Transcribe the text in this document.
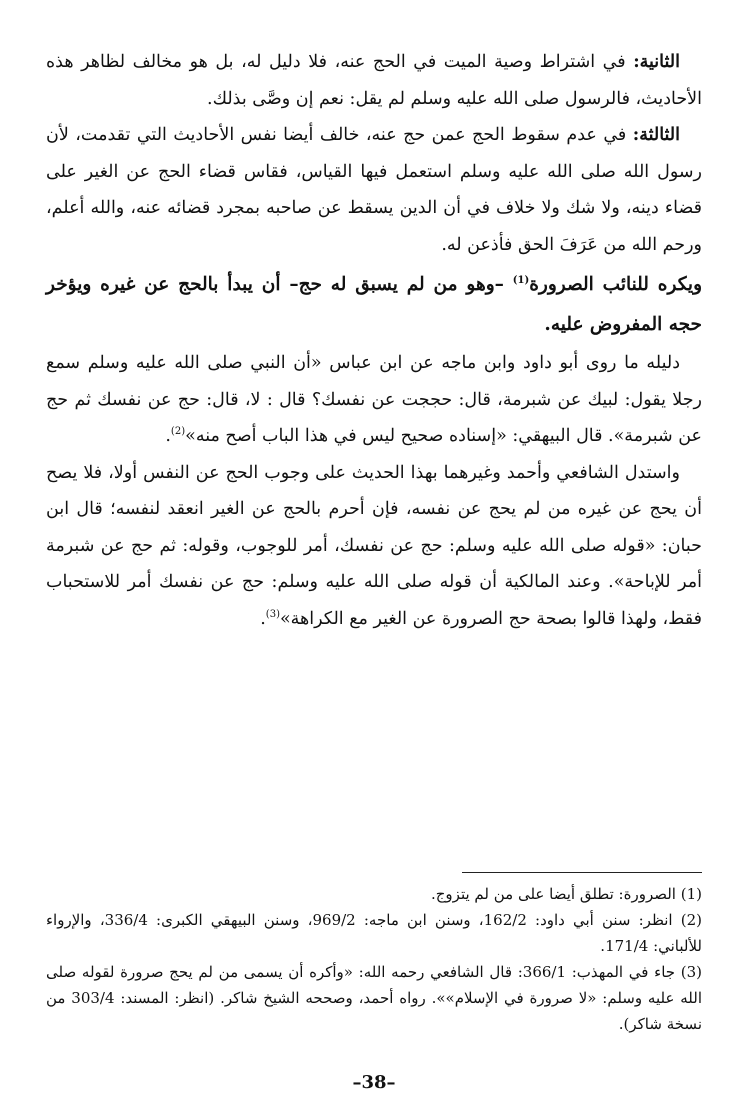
الثانية: في اشتراط وصية الميت في الحج عنه، فلا دليل له، بل هو مخالف لظاهر هذه الأحاديث، فالرسول صلى الله عليه وسلم لم يقل: نعم إن وصَّى بذلك.

الثالثة: في عدم سقوط الحج عمن حج عنه، خالف أيضا نفس الأحاديث التي تقدمت، لأن رسول الله صلى الله عليه وسلم استعمل فيها القياس، فقاس قضاء الحج عن الغير على قضاء دينه، ولا شك ولا خلاف في أن الدين يسقط عن صاحبه بمجرد قضائه عنه، والله أعلم، ورحم الله من عَرَفَ الحق فأذعن له.

ويكره للنائب الصرورة$^{(1)}$ –وهو من لم يسبق له حج– أن يبدأ بالحج عن غيره ويؤخر حجه المفروض عليه.

دليله ما روى أبو داود وابن ماجه عن ابن عباس «أن النبي صلى الله عليه وسلم سمع رجلا يقول: لبيك عن شبرمة، قال: حججت عن نفسك؟ قال : لا، قال: حج عن نفسك ثم حج عن شبرمة». قال البيهقي: «إسناده صحيح ليس في هذا الباب أصح منه»$^{(2)}$.

واستدل الشافعي وأحمد وغيرهما بهذا الحديث على وجوب الحج عن النفس أولا، فلا يصح أن يحج عن غيره من لم يحج عن نفسه، فإن أحرم بالحج عن الغير انعقد لنفسه؛ قال ابن حبان: «قوله صلى الله عليه وسلم: حج عن نفسك، أمر للوجوب، وقوله: ثم حج عن شبرمة أمر للإباحة». وعند المالكية أن قوله صلى الله عليه وسلم: حج عن نفسك أمر للاستحباب فقط، ولهذا قالوا بصحة حج الصرورة عن الغير مع الكراهة»$^{(3)}$.

(1) الصرورة: تطلق أيضا على من لم يتزوج.

(2) انظر: سنن أبي داود: 162/2، وسنن ابن ماجه: 969/2، وسنن البيهقي الكبرى: 336/4، والإرواء للألباني: 171/4.

(3) جاء في المهذب: 366/1: قال الشافعي رحمه الله: «وأكره أن يسمى من لم يحج صرورة لقوله صلى الله عليه وسلم: «لا صرورة في الإسلام»». رواه أحمد، وصححه الشيخ شاكر. (انظر: المسند: 303/4 من نسخة شاكر).

–38–
